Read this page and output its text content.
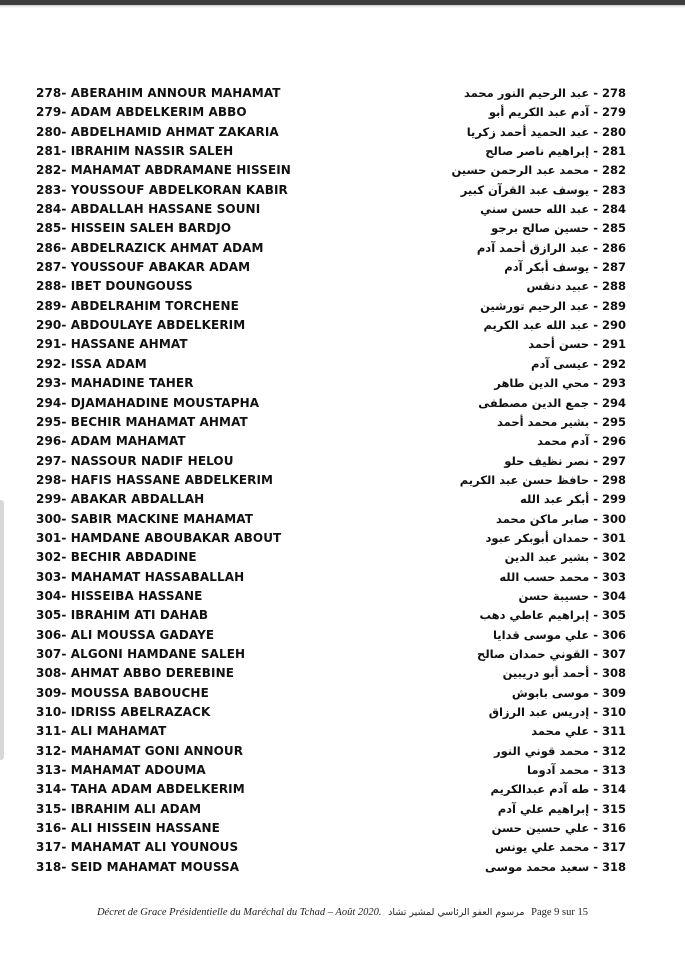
278- ABERAHIM ANNOUR MAHAMAT	278 - عبد الرحيم النور محمد
279- ADAM ABDELKERIM ABBO	279 - آدم عبد الكريم أبو
280- ABDELHAMID AHMAT ZAKARIA	280 - عبد الحميد أحمد زكريا
281- IBRAHIM NASSIR SALEH	281 - إبراهيم ناصر صالح
282- MAHAMAT ABDRAMANE HISSEIN	282 - محمد عبد الرحمن حسين
283- YOUSSOUF ABDELKORAN KABIR	283 - يوسف عبد القرآن كبير
284- ABDALLAH HASSANE SOUNI	284 - عبد الله حسن سني
285- HISSEIN SALEH BARDJO	285 - حسين صالح برجو
286- ABDELRAZICK AHMAT ADAM	286 - عبد الرازق أحمد آدم
287- YOUSSOUF ABAKAR ADAM	287 - يوسف أبكر آدم
288- IBET DOUNGOUSS	288 - عبيد دنقس
289- ABDELRAHIM TORCHENE	289 - عبد الرحيم تورشين
290- ABDOULAYE ABDELKERIM	290 - عبد الله عبد الكريم
291- HASSANE AHMAT	291 - حسن أحمد
292- ISSA ADAM	292 - عيسى آدم
293- MAHADINE TAHER	293 - محي الدين طاهر
294- DJAMAHADINE MOUSTAPHA	294 - جمع الدين مصطفى
295- BECHIR MAHAMAT AHMAT	295 - بشير محمد أحمد
296- ADAM MAHAMAT	296 - آدم محمد
297- NASSOUR NADIF HELOU	297 - نصر نظيف حلو
298- HAFIS HASSANE ABDELKERIM	298 - حافظ حسن عبد الكريم
299- ABAKAR ABDALLAH	299 - أبكر عبد الله
300- SABIR MACKINE MAHAMAT	300 - صابر ماكن محمد
301- HAMDANE ABOUBAKAR ABOUT	301 - حمدان أبوبكر عبود
302- BECHIR ABDADINE	302 - بشير عبد الدين
303- MAHAMAT HASSABALLAH	303 - محمد حسب الله
304- HISSEIBA HASSANE	304 - حسيبة حسن
305- IBRAHIM ATI DAHAB	305 - إبراهيم عاطي دهب
306- ALI MOUSSA GADAYE	306 - علي موسى قدايا
307- ALGONI HAMDANE SALEH	307 - القوني حمدان صالح
308- AHMAT ABBO DEREBINE	308 - أحمد أبو دريبين
309- MOUSSA BABOUCHE	309 - موسى بابوش
310- IDRISS ABELRAZACK	310 - إدريس عبد الرزاق
311- ALI MAHAMAT	311 - علي محمد
312- MAHAMAT GONI ANNOUR	312 - محمد قوني النور
313- MAHAMAT ADOUMA	313 - محمد آدوما
314- TAHA ADAM ABDELKERIM	314 - طه آدم عبدالكريم
315- IBRAHIM ALI ADAM	315 - إبراهيم علي آدم
316- ALI HISSEIN HASSANE	316 - علي حسين حسن
317- MAHAMAT ALI YOUNOUS	317 - محمد علي يونس
318- SEID MAHAMAT MOUSSA	318 - سعيد محمد موسى
Décret de Grace Présidentielle du Maréchal du Tchad – Août 2020. مرسوم العفو الرئاسي لمشير تشاد Page 9 sur 15
